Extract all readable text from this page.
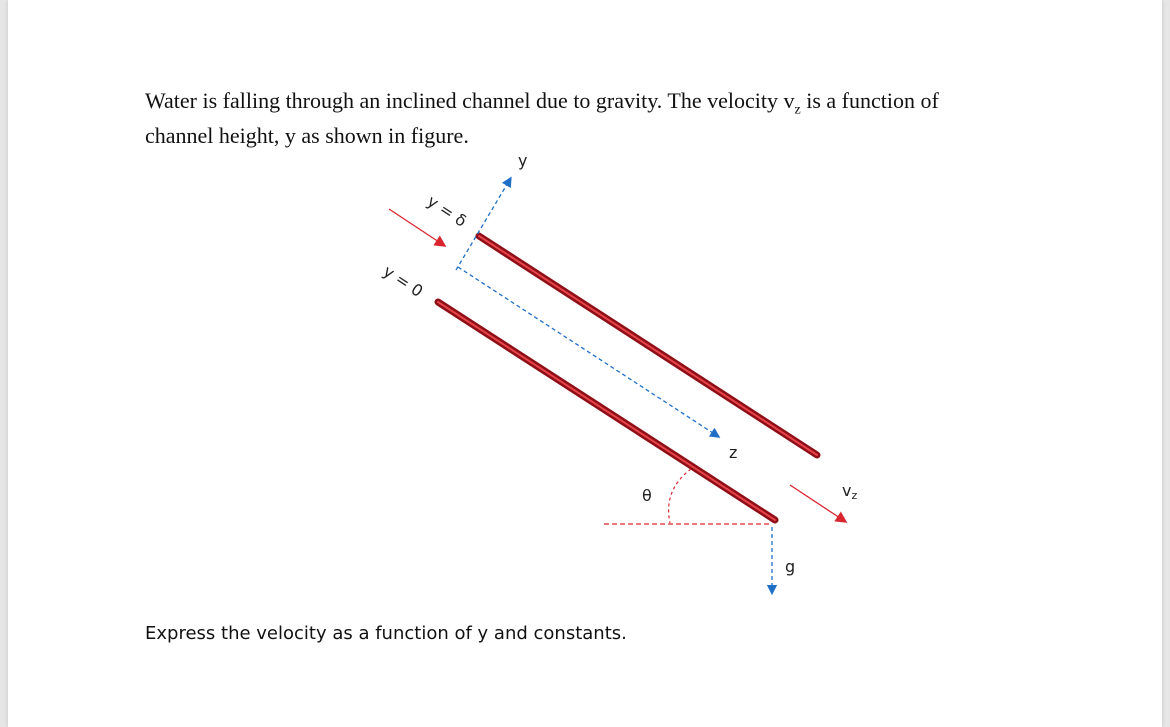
Water is falling through an inclined channel due to gravity. The velocity $v_z$ is a function of
channel height, y as shown in figure.

y
z
θ
g
vz
y = δ
y = 0

Express the velocity as a function of y and constants.
